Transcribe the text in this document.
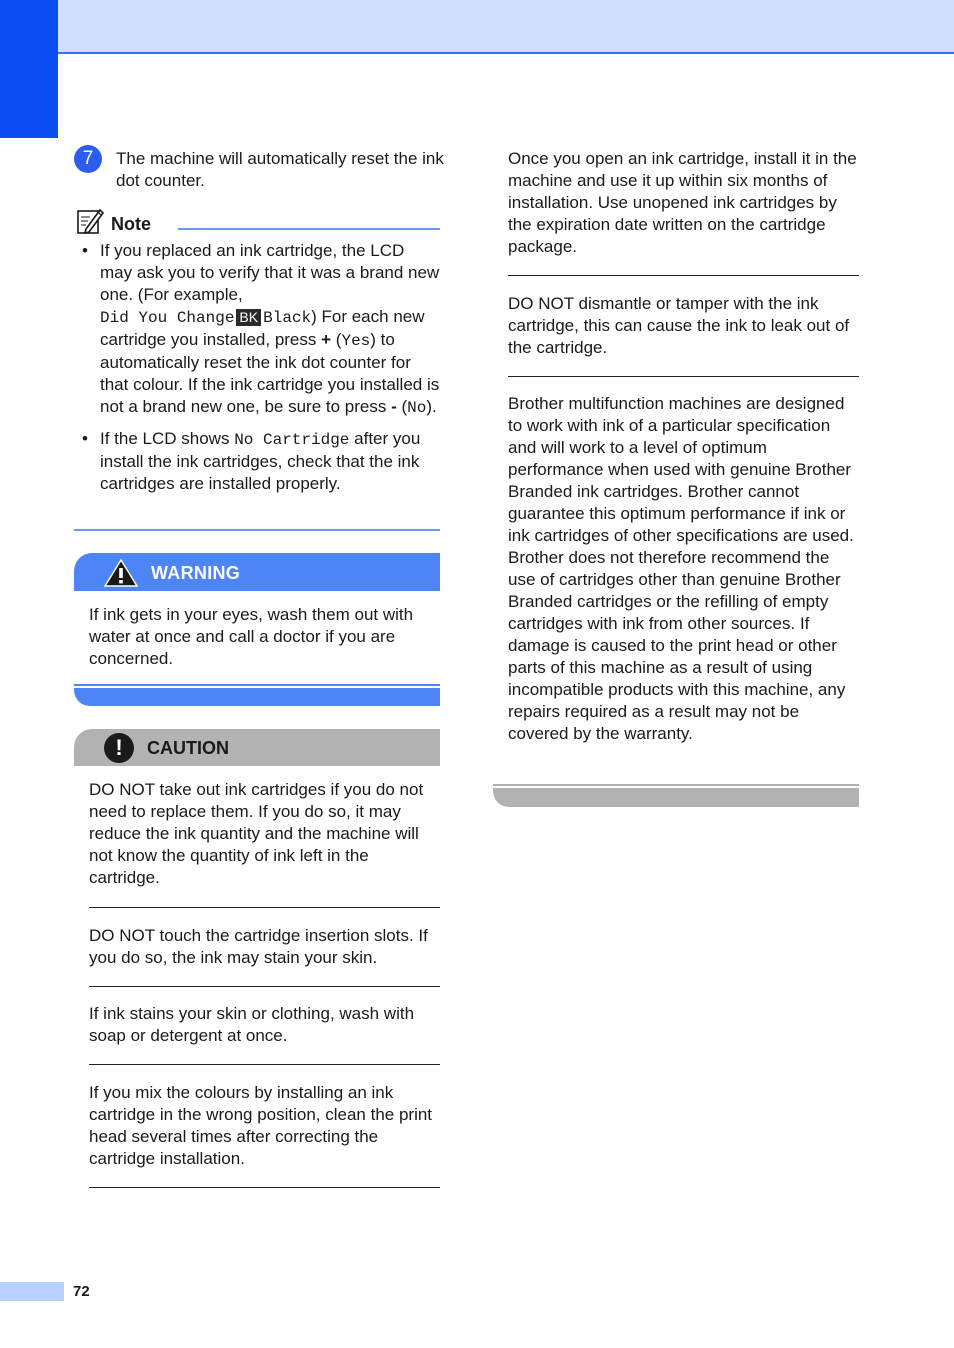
7	The machine will automatically reset the ink dot counter.
Note
• If you replaced an ink cartridge, the LCD may ask you to verify that it was a brand new one. (For example,
Did You Change BK Black) For each new cartridge you installed, press + (Yes) to automatically reset the ink dot counter for that colour. If the ink cartridge you installed is not a brand new one, be sure to press - (No).
• If the LCD shows No Cartridge after you install the ink cartridges, check that the ink cartridges are installed properly.
WARNING
If ink gets in your eyes, wash them out with water at once and call a doctor if you are concerned.
!	CAUTION
DO NOT take out ink cartridges if you do not need to replace them. If you do so, it may reduce the ink quantity and the machine will not know the quantity of ink left in the cartridge.
DO NOT touch the cartridge insertion slots. If you do so, the ink may stain your skin.
If ink stains your skin or clothing, wash with soap or detergent at once.
If you mix the colours by installing an ink cartridge in the wrong position, clean the print head several times after correcting the cartridge installation.
Once you open an ink cartridge, install it in the machine and use it up within six months of installation. Use unopened ink cartridges by the expiration date written on the cartridge package.
DO NOT dismantle or tamper with the ink cartridge, this can cause the ink to leak out of the cartridge.
Brother multifunction machines are designed to work with ink of a particular specification and will work to a level of optimum performance when used with genuine Brother Branded ink cartridges. Brother cannot guarantee this optimum performance if ink or ink cartridges of other specifications are used. Brother does not therefore recommend the use of cartridges other than genuine Brother Branded cartridges or the refilling of empty cartridges with ink from other sources. If damage is caused to the print head or other parts of this machine as a result of using incompatible products with this machine, any repairs required as a result may not be covered by the warranty.
72
